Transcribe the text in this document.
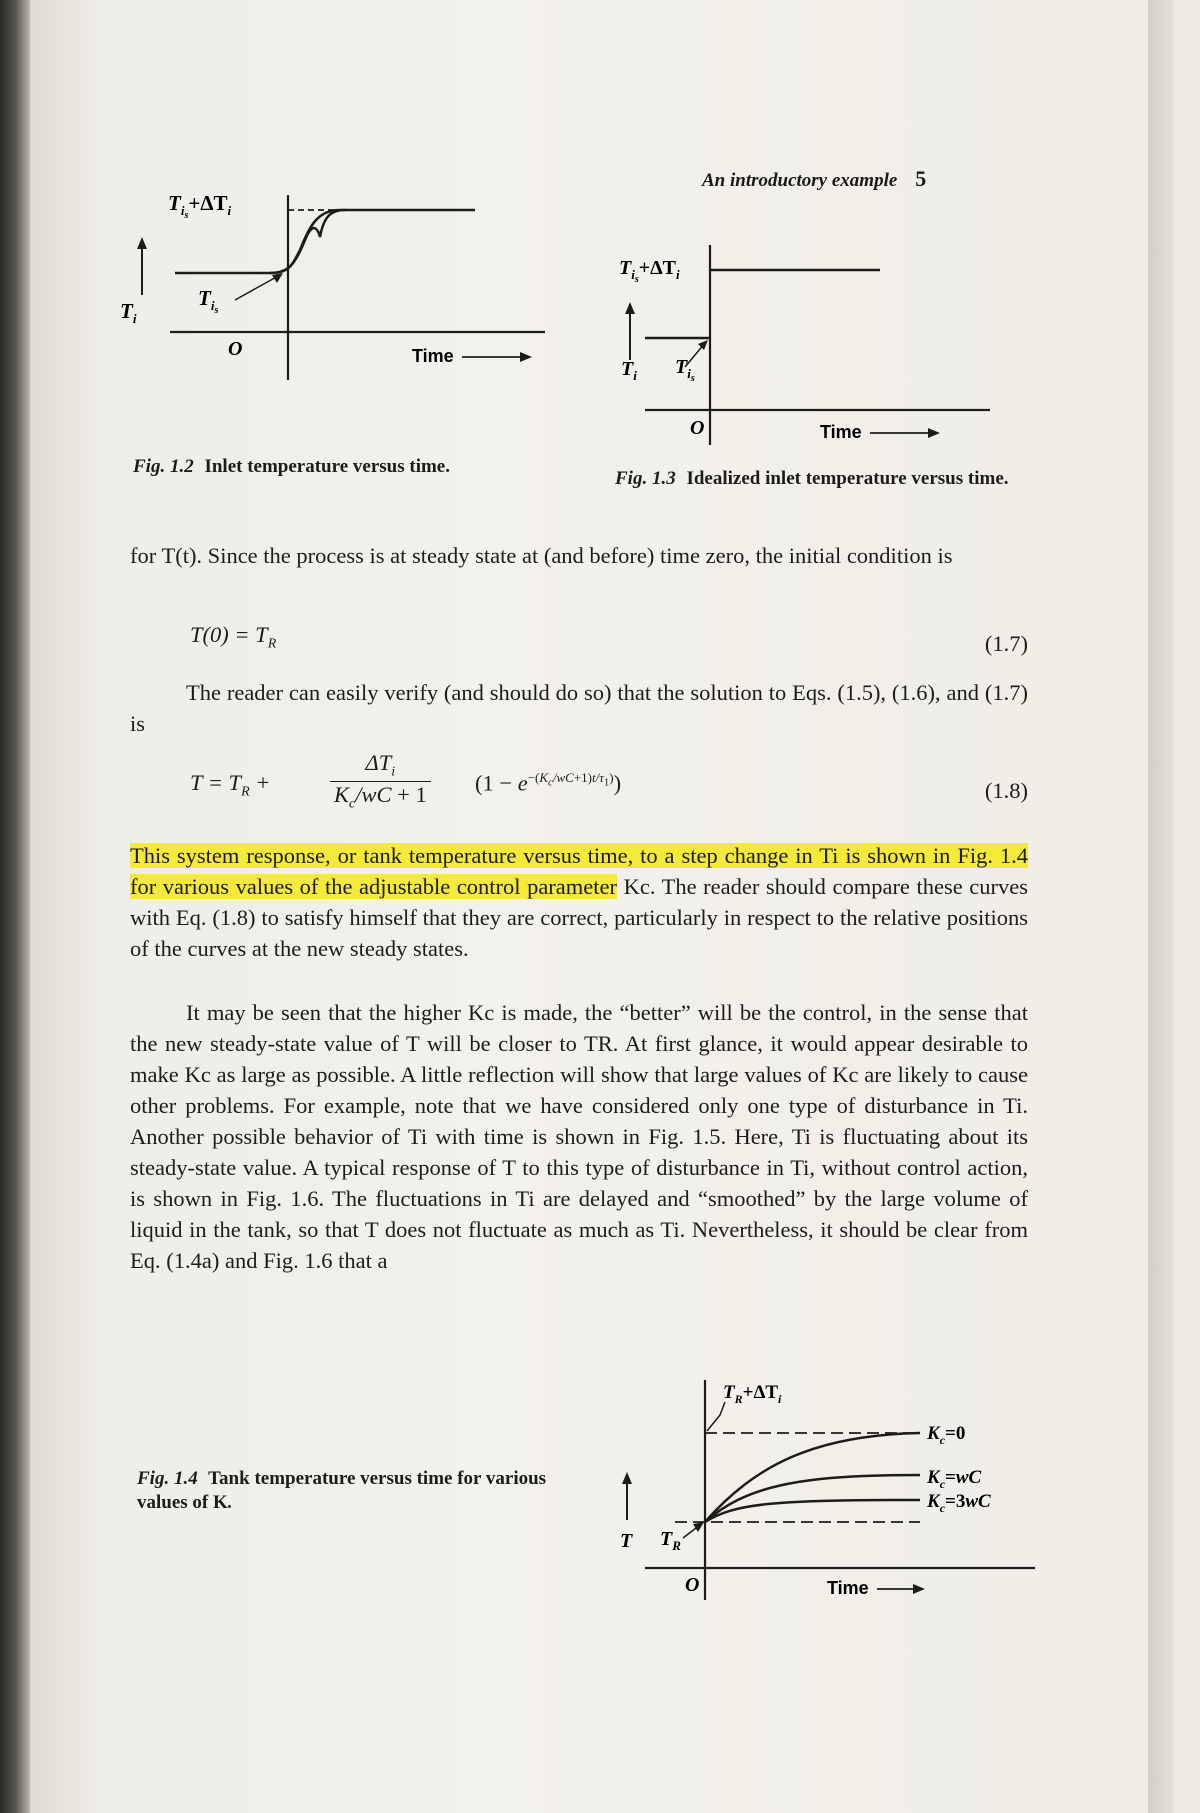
An introductory example 5
$T_is+\Delta T_i$
$T_i$
$T_is$
O	Time
Fig. 1.2 Inlet temperature versus time.
$T_is+\Delta T_i$
$T_i$ $T_is$
O	Time
Fig. 1.3 Idealized inlet temperature versus time.

for T(t). Since the process is at steady state at (and before) time zero, the initial condition is

$T(0) = T_R$	(1.7)

The reader can easily verify (and should do so) that the solution to Eqs. (1.5), (1.6), and (1.7) is

$T = T_R$ +	$\frac{\Delta T_i}{K_c/wC + 1} (1 - e^{-(K_c/wC+1)t/\tau_1)})$	(1.8)

This system response, or tank temperature versus time, to a step change in Ti is shown in Fig. 1.4 for various values of the adjustable control parameter Kc. The reader should compare these curves with Eq. (1.8) to satisfy himself that they are correct, particularly in respect to the relative positions of the curves at the new steady states.

It may be seen that the higher Kc is made, the “better” will be the control, in the sense that the new steady-state value of T will be closer to TR. At first glance, it would appear desirable to make Kc as large as possible. A little reflection will show that large values of Kc are likely to cause other problems. For example, note that we have considered only one type of disturbance in Ti. Another possible behavior of Ti with time is shown in Fig. 1.5. Here, Ti is fluctuating about its steady-state value. A typical response of T to this type of disturbance in Ti, without control action, is shown in Fig. 1.6. The fluctuations in Ti are delayed and “smoothed” by the large volume of liquid in the tank, so that T does not fluctuate as much as Ti. Nevertheless, it should be clear from Eq. (1.4a) and Fig. 1.6 that a

Fig. 1.4 Tank temperature versus time for various values of K.
T $T_R$
$T_R+\Delta T_i$
$K_c=0$
$K_c=wC$
$K_c=3wC$
O	Time
